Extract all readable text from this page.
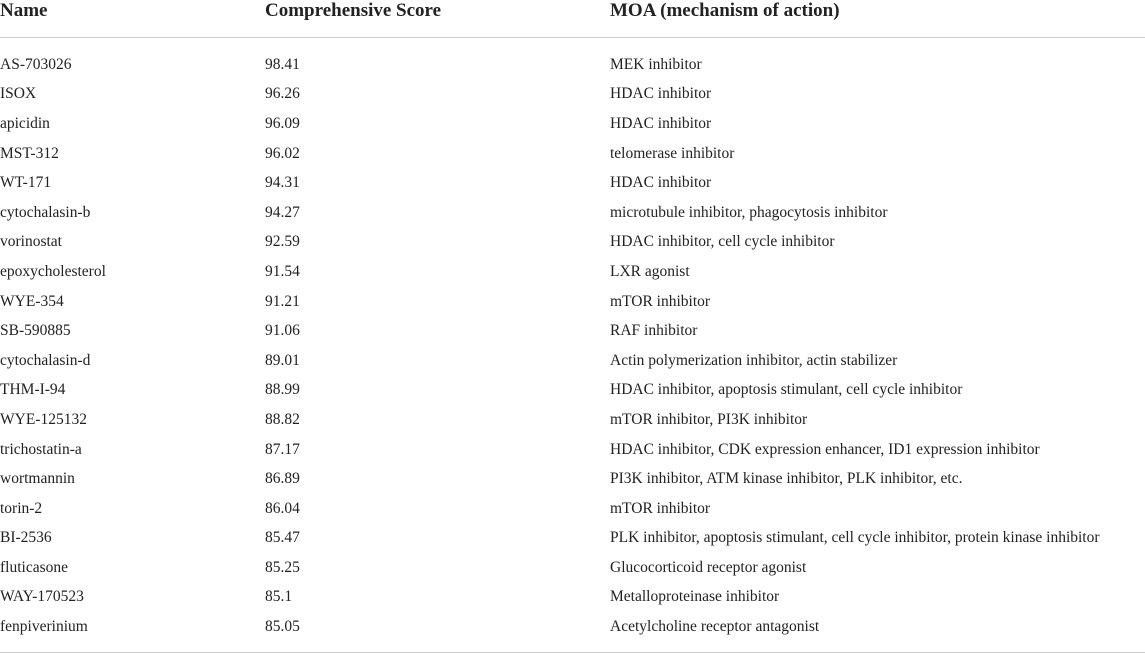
Name	Comprehensive Score	MOA (mechanism of action)

AS-703026	98.41	MEK inhibitor
ISOX	96.26	HDAC inhibitor
apicidin	96.09	HDAC inhibitor
MST-312	96.02	telomerase inhibitor
WT-171	94.31	HDAC inhibitor
cytochalasin-b	94.27	microtubule inhibitor, phagocytosis inhibitor
vorinostat	92.59	HDAC inhibitor, cell cycle inhibitor
epoxycholesterol	91.54	LXR agonist
WYE-354	91.21	mTOR inhibitor
SB-590885	91.06	RAF inhibitor
cytochalasin-d	89.01	Actin polymerization inhibitor, actin stabilizer
THM-I-94	88.99	HDAC inhibitor, apoptosis stimulant, cell cycle inhibitor
WYE-125132	88.82	mTOR inhibitor, PI3K inhibitor
trichostatin-a	87.17	HDAC inhibitor, CDK expression enhancer, ID1 expression inhibitor
wortmannin	86.89	PI3K inhibitor, ATM kinase inhibitor, PLK inhibitor, etc.
torin-2	86.04	mTOR inhibitor
BI-2536	85.47	PLK inhibitor, apoptosis stimulant, cell cycle inhibitor, protein kinase inhibitor
fluticasone	85.25	Glucocorticoid receptor agonist
WAY-170523	85.1	Metalloproteinase inhibitor
fenpiverinium	85.05	Acetylcholine receptor antagonist
